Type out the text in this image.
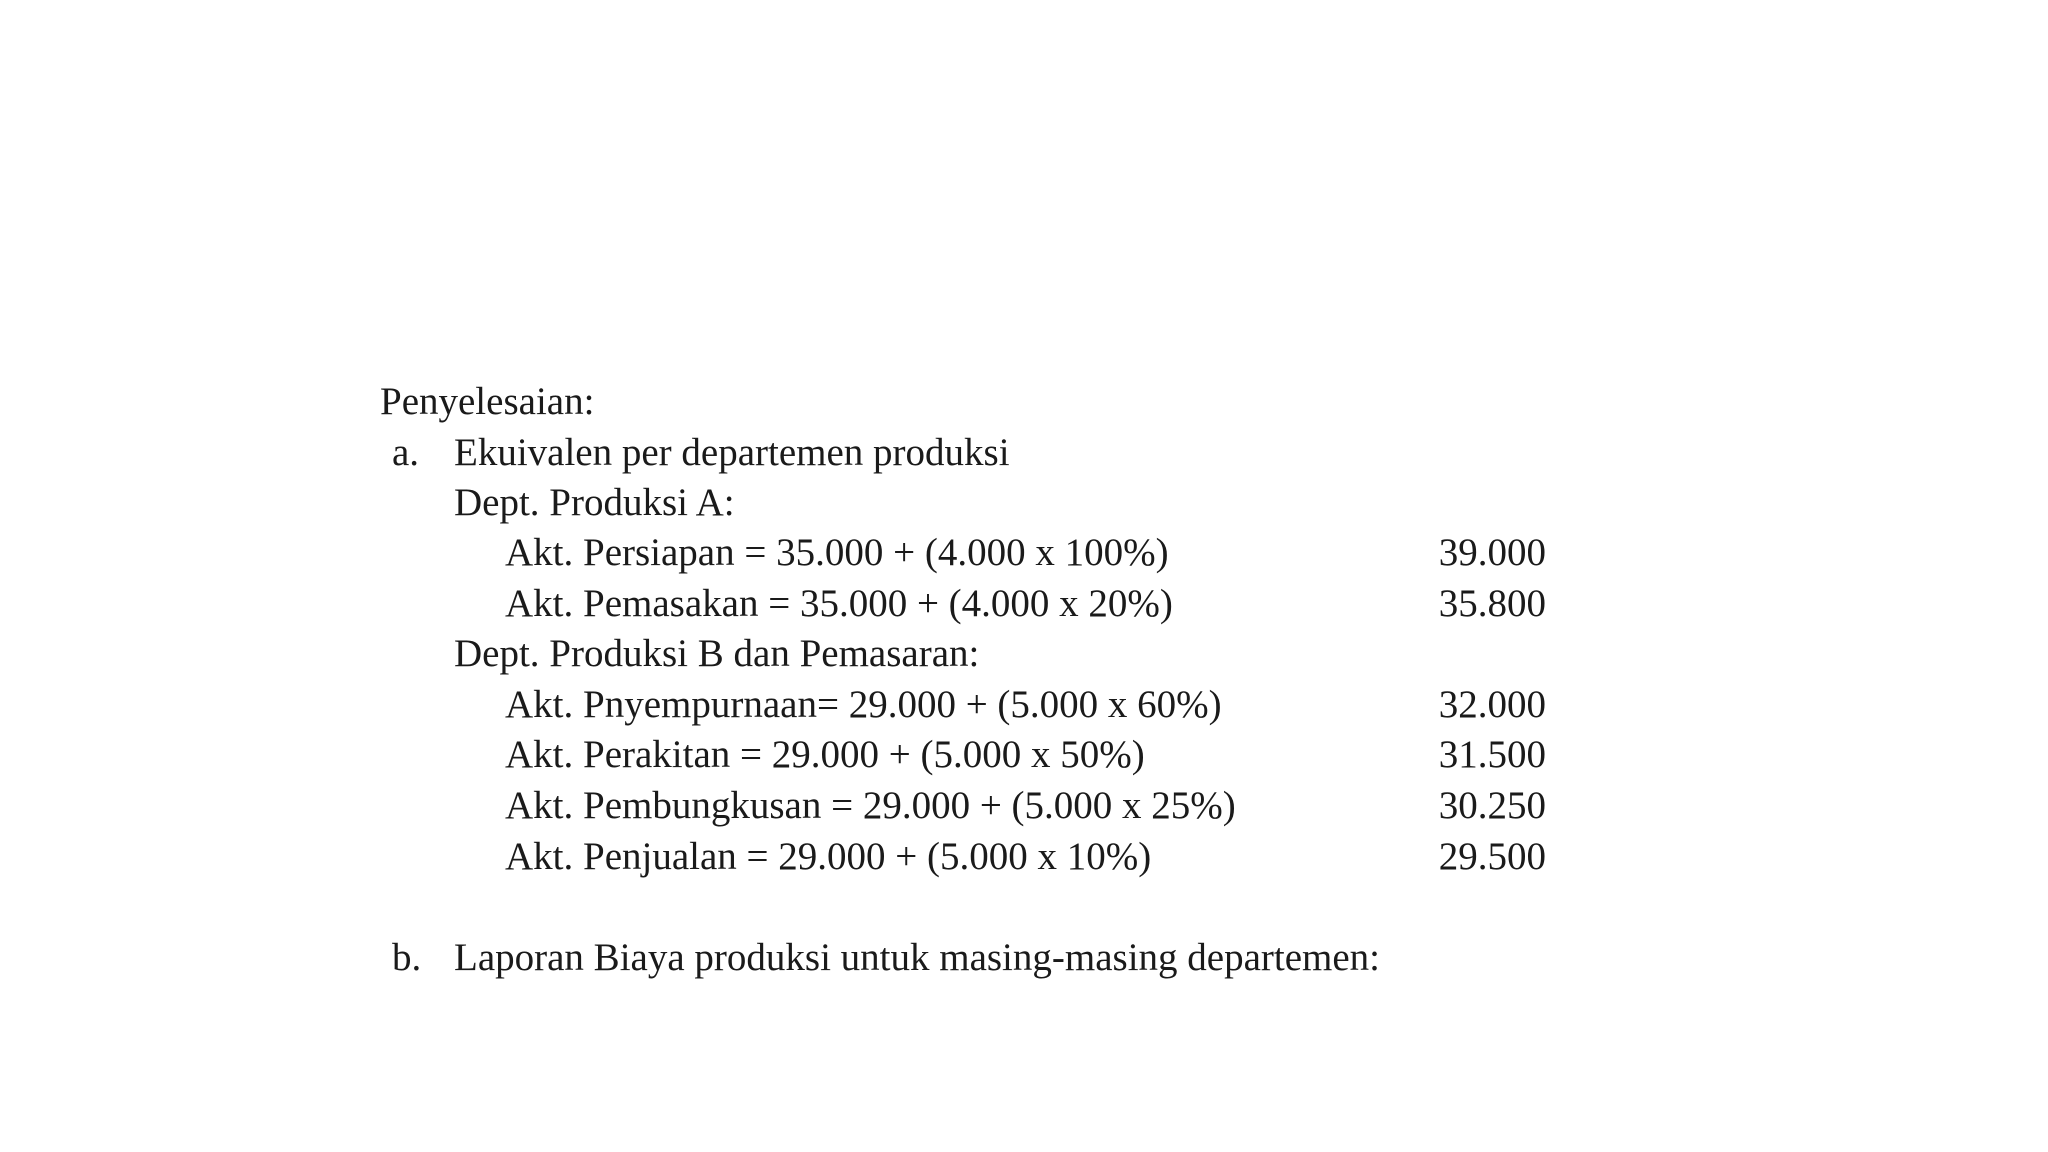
Penyelesaian:
a. Ekuivalen per departemen produksi
Dept. Produksi A:
Akt. Persiapan = 35.000 + (4.000 x 100%)	39.000
Akt. Pemasakan = 35.000 + (4.000 x 20%)	35.800
Dept. Produksi B dan Pemasaran:
Akt. Pnyempurnaan= 29.000 + (5.000 x 60%)	32.000
Akt. Perakitan = 29.000 + (5.000 x 50%)	31.500
Akt. Pembungkusan = 29.000 + (5.000 x 25%)	30.250
Akt. Penjualan = 29.000 + (5.000 x 10%)	29.500
b. Laporan Biaya produksi untuk masing-masing departemen:
